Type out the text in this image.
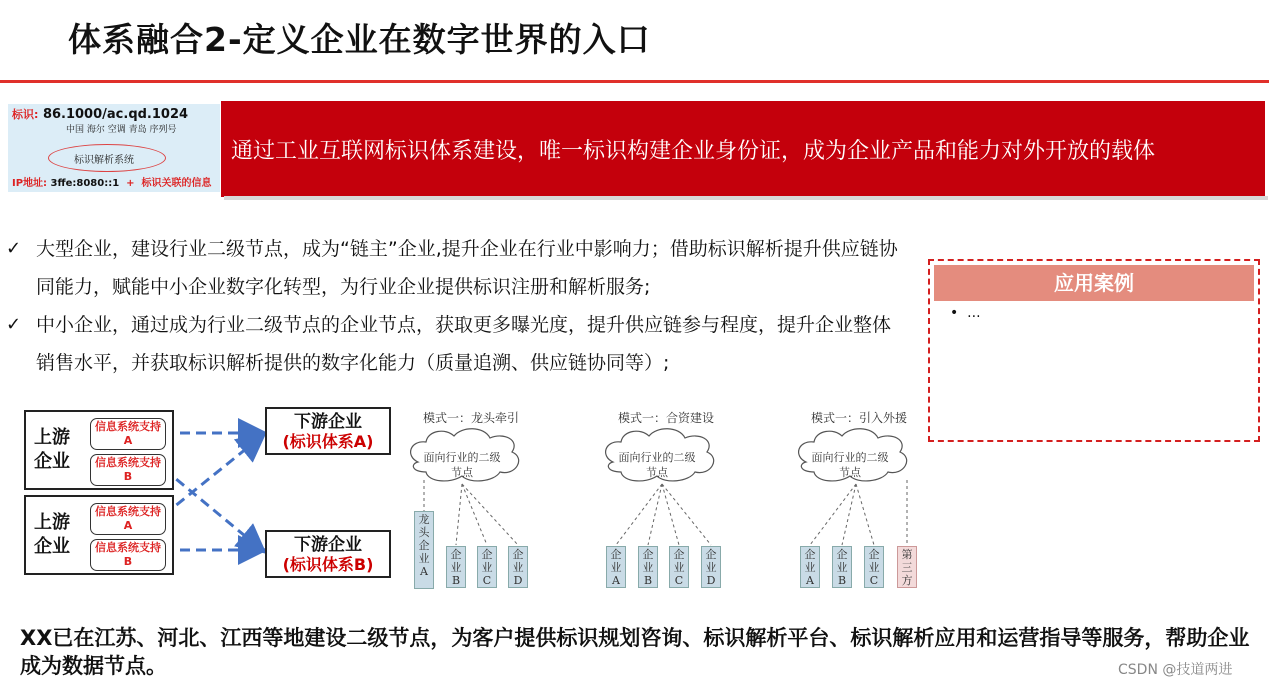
体系融合2-定义企业在数字世界的入口
标识: 86.1000/ac.qd.1024
中国 海尔 空调 青岛 序列号
标识解析系统
IP地址: 3ffe:8080::1 + 标识关联的信息
通过工业互联网标识体系建设，唯一标识构建企业身份证，成为企业产品和能力对外开放的载体
✓ 大型企业，建设行业二级节点，成为“链主”企业,提升企业在行业中影响力；借助标识解析提升供应链协同能力，赋能中小企业数字化转型，为行业企业提供标识注册和解析服务;
✓ 中小企业，通过成为行业二级节点的企业节点，获取更多曝光度，提升供应链参与程度，提升企业整体销售水平，并获取标识解析提供的数字化能力（质量追溯、供应链协同等）;
应用案例
•  ...
上游企业
信息系统支持A
信息系统支持B
上游企业
信息系统支持A
信息系统支持B
下游企业
(标识体系A)
下游企业
(标识体系B)
模式一：龙头牵引	模式一：合资建设	模式一：引入外援
面向行业的二级节点
面向行业的二级节点
面向行业的二级节点
龙头企业A
企业B
企业C
企业D
企业A
企业B
企业C
企业D
企业A
企业B
企业C
第三方
XX已在江苏、河北、江西等地建设二级节点，为客户提供标识规划咨询、标识解析平台、标识解析应用和运营指导等服务，帮助企业成为数据节点。	CSDN @技道两进
